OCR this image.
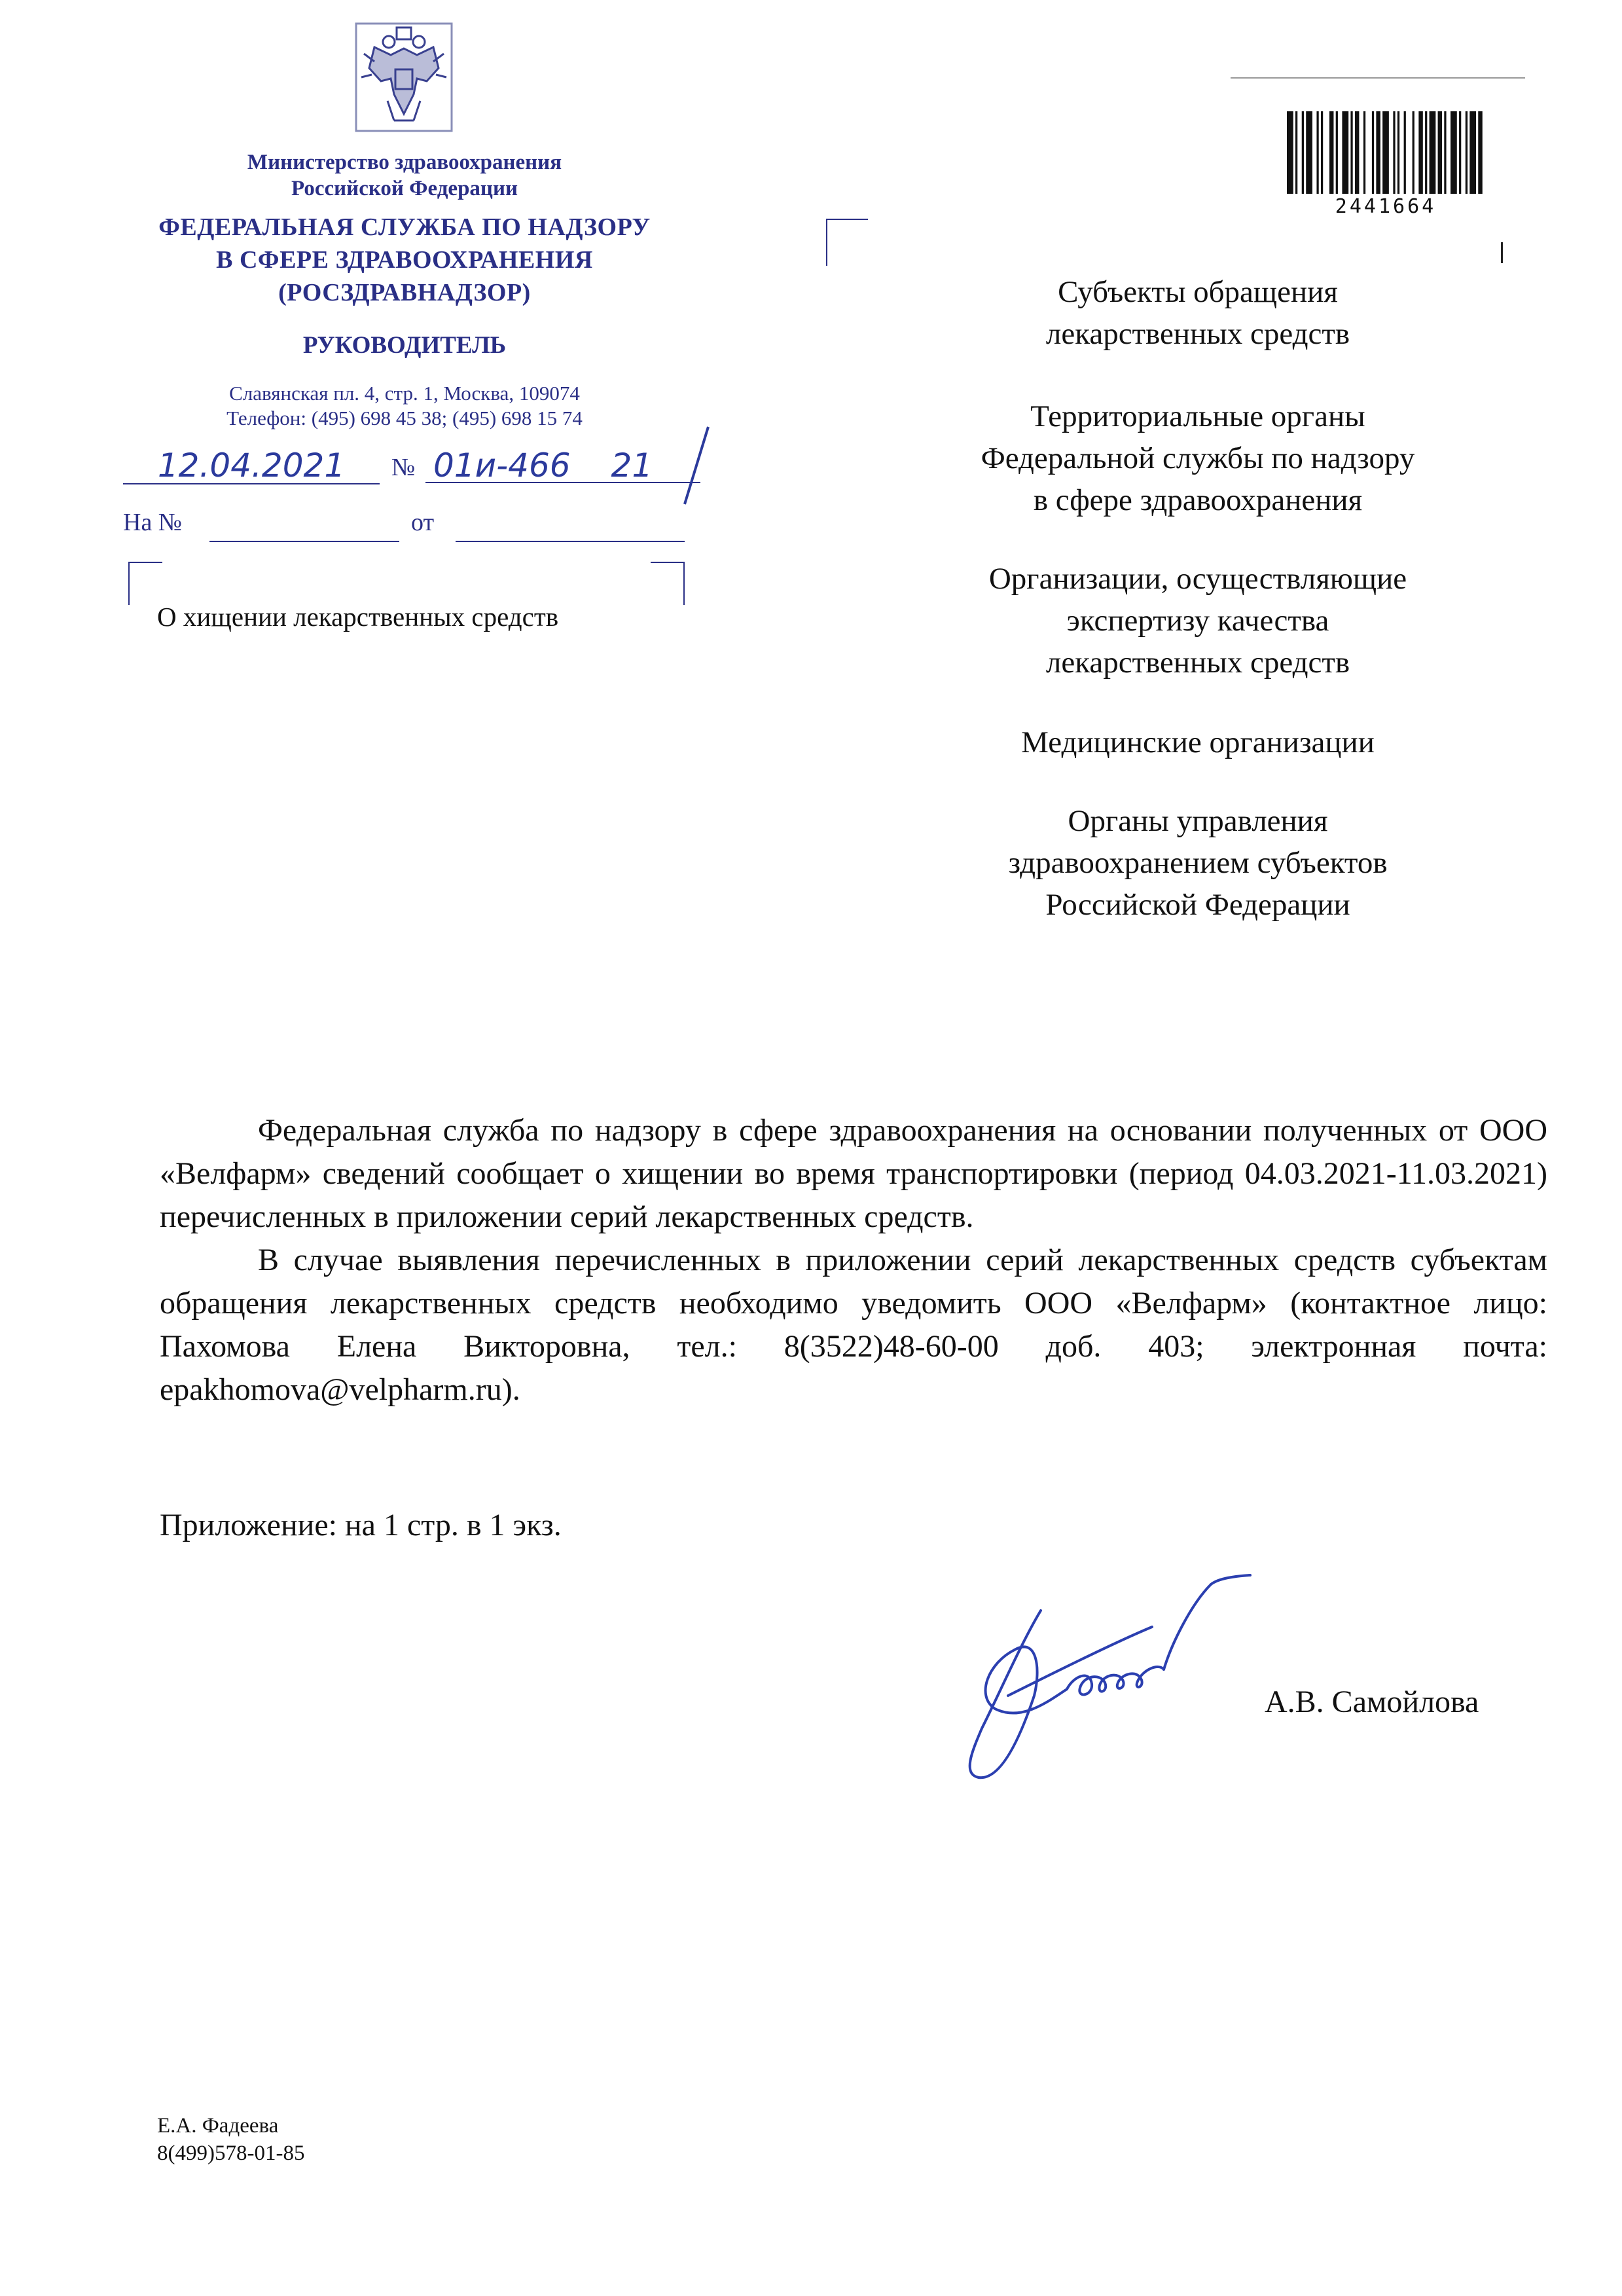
Министерство здравоохранения
Российской Федерации
ФЕДЕРАЛЬНАЯ СЛУЖБА ПО НАДЗОРУ
В СФЕРЕ ЗДРАВООХРАНЕНИЯ
(РОСЗДРАВНАДЗОР)
РУКОВОДИТЕЛЬ
Славянская пл. 4, стр. 1, Москва, 109074
Телефон: (495) 698 45 38; (495) 698 15 74
12.04.2021	№ 01и-466 21
На №	от
О хищении лекарственных средств
2441664
Субъекты обращения
лекарственных средств
Территориальные органы
Федеральной службы по надзору
в сфере здравоохранения
Организации, осуществляющие
экспертизу качества
лекарственных средств
Медицинские организации
Органы управления
здравоохранением субъектов
Российской Федерации

Федеральная служба по надзору в сфере здравоохранения на основании полученных от ООО «Велфарм» сведений сообщает о хищении во время транспортировки (период 04.03.2021-11.03.2021) перечисленных в приложении серий лекарственных средств.

В случае выявления перечисленных в приложении серий лекарственных средств субъектам обращения лекарственных средств необходимо уведомить ООО «Велфарм» (контактное лицо: Пахомова Елена Викторовна, тел.: 8(3522)48-60-00 доб. 403; электронная почта: epakhomova@velpharm.ru).

Приложение: на 1 стр. в 1 экз.
А.В. Самойлова
Е.А. Фадеева
8(499)578-01-85
